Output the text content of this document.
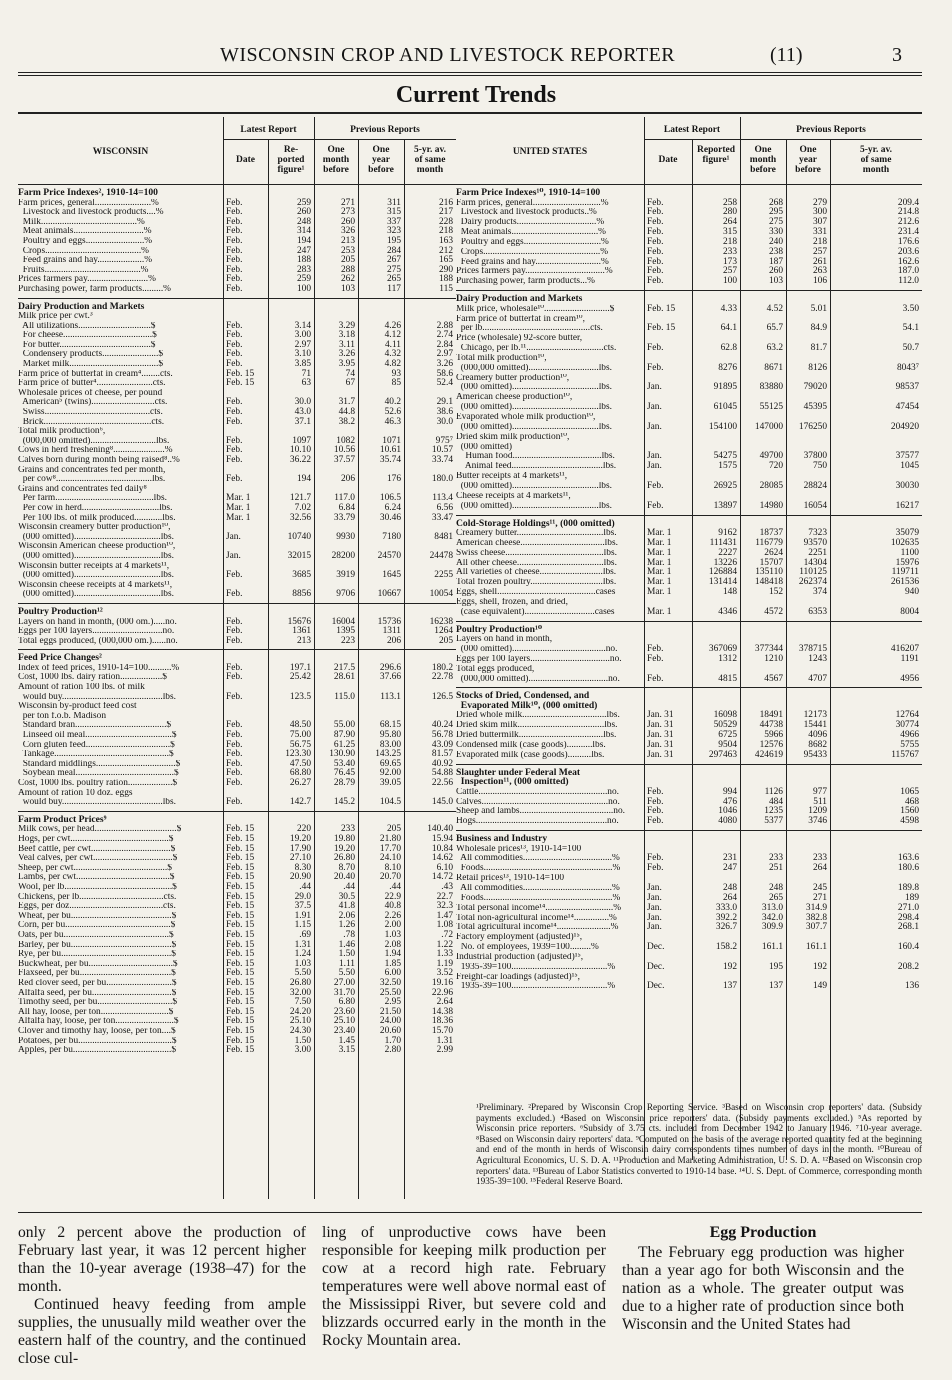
WISCONSIN CROP AND LIVESTOCK REPORTER	(11)	3
Current Trends
WISCONSIN
Latest Report	Previous Reports
Date
Re-
ported
figure¹
One
month
before
One
year
before
5-yr. av.
of same
month
Farm Price Indexes², 1910-14=100
Farm prices, general........................%	Feb.	259	271	311	216
Livestock and livestock products....%	Feb.	260	273	315	217
Milk.........................................%	Feb.	248	260	337	228
Meat animals..............................%	Feb.	314	326	323	218
Poultry and eggs.........................%	Feb.	194	213	195	163
Crops.........................................%	Feb.	247	253	284	212
Feed grains and hay....................%	Feb.	188	205	267	165
Fruits.........................................%	Feb.	283	288	275	290
Prices farmers pay..........................%	Feb.	259	262	265	188
Purchasing power, farm products.........%	Feb.	100	103	117	115
Dairy Production and Markets
Milk price per cwt.³
All utilizations...............................$	Feb.	3.14	3.29	4.26	2.88
For cheese......................................$	Feb.	3.00	3.18	4.12	2.74
For butter.......................................$	Feb.	2.97	3.11	4.11	2.84
Condensery products........................$	Feb.	3.10	3.26	4.32	2.97
Market milk......................................$	Feb.	3.85	3.95	4.82	3.26
Farm price of butterfat in cream⁴........cts.	Feb. 15	71	74	93	58.6
Farm price of butter⁴........................cts.	Feb. 15	63	67	85	52.4
Wholesale prices of cheese, per pound
American⁵ (twins)...........................cts.	Feb.	30.0	31.7	40.2	29.1
Swiss.............................................cts.	Feb.	43.0	44.8	52.6	38.6
Brick..............................................cts.	Feb.	37.1	38.2	46.3	30.0
Total milk production⁶,
(000,000 omitted)............................lbs.	Feb.	1097	1082	1071	975⁷
Cows in herd freshening⁸......................%	Feb.	10.10	10.56	10.61	10.57
Calves born during month being raised⁸..%	Feb.	36.22	37.57	35.74	33.74
Grains and concentrates fed per month,
per cow⁸.........................................lbs.	Feb.	194	206	176	180.0
Grains and concentrates fed daily⁸
Per farm..........................................lbs.	Mar. 1	121.7	117.0	106.5	113.4
Per cow in herd.................................lbs.	Mar. 1	7.02	6.84	6.24	6.56
Per 100 lbs. of milk produced............lbs.	Mar. 1	32.56	33.79	30.46	33.47
Wisconsin creamery butter production¹⁰,
(000 omitted).....................................lbs.	Jan.	10740	9930	7180	8481
Wisconsin American cheese production¹⁰,
(000 omitted).....................................lbs.	Jan.	32015	28200	24570	24478
Wisconsin butter receipts at 4 markets¹¹,
(000 omitted).....................................lbs.	Feb.	3685	3919	1645	2255
Wisconsin cheese receipts at 4 markets¹¹,
(000 omitted).....................................lbs.	Feb.	8856	9706	10667	10054
Poultry Production¹²
Layers on hand in month, (000 om.).....no.	Feb.	15676	16004	15736	16238
Eggs per 100 layers..............................no.	Feb.	1361	1395	1311	1264
Total eggs produced, (000,000 om.)......no.	Feb.	213	223	206	205
Feed Price Changes²
Index of feed prices, 1910-14=100..........%	Feb.	197.1	217.5	296.6	180.2
Cost, 1000 lbs. dairy ration..................$	Feb.	25.42	28.61	37.66	22.78
Amount of ration 100 lbs. of milk
would buy...........................................lbs.	Feb.	123.5	115.0	113.1	126.5
Wisconsin by-product feed cost
per ton f.o.b. Madison
Standard bran.......................................$	Feb.	48.50	55.00	68.15	40.24
Linseed oil meal.....................................$	Feb.	75.00	87.90	95.80	56.78
Corn gluten feed....................................$	Feb.	56.75	61.25	83.00	43.09
Tankage.................................................$	Feb.	123.30	130.90	143.25	81.57
Standard middlings..................................$	Feb.	47.50	53.40	69.65	40.92
Soybean meal..........................................$	Feb.	68.80	76.45	92.00	54.88
Cost, 1000 lbs. poultry ration...................$	Feb.	26.27	28.79	39.05	22.56
Amount of ration 10 doz. eggs
would buy...........................................lbs.	Feb.	142.7	145.2	104.5	145.0
Farm Product Prices⁹
Milk cows, per head...................................$	Feb. 15	220	233	205	140.40
Hogs, per cwt..........................................$	Feb. 15	19.20	19.80	21.80	15.94
Beef cattle, per cwt..................................$	Feb. 15	17.90	19.20	17.70	10.84
Veal calves, per cwt..................................$	Feb. 15	27.10	26.80	24.10	14.62
Sheep, per cwt........................................$	Feb. 15	8.30	8.70	8.10	6.10
Lambs, per cwt........................................$	Feb. 15	20.90	20.40	20.70	14.72
Wool, per lb..............................................$	Feb. 15	.44	.44	.44	.43
Chickens, per lb....................................cts.	Feb. 15	29.0	30.5	22.9	22.7
Eggs, per doz........................................cts.	Feb. 15	37.5	41.8	40.8	32.3
Wheat, per bu...........................................$	Feb. 15	1.91	2.06	2.26	1.47
Corn, per bu.............................................$	Feb. 15	1.15	1.26	2.00	1.08
Oats, per bu.............................................$	Feb. 15	.69	.78	1.03	.72
Barley, per bu...........................................$	Feb. 15	1.31	1.46	2.08	1.22
Rye, per bu...............................................$	Feb. 15	1.24	1.50	1.94	1.33
Buckwheat, per bu....................................$	Feb. 15	1.03	1.11	1.85	1.19
Flaxseed, per bu.......................................$	Feb. 15	5.50	5.50	6.00	3.52
Red clover seed, per bu............................$	Feb. 15	26.80	27.00	32.50	19.16
Alfalfa seed, per bu..................................$	Feb. 15	32.00	31.70	25.50	22.96
Timothy seed, per bu................................$	Feb. 15	7.50	6.80	2.95	2.64
All hay, loose, per ton.............................$	Feb. 15	24.20	23.60	21.50	14.38
Alfalfa hay, loose, per ton.........................$	Feb. 15	25.10	25.10	24.00	18.36
Clover and timothy hay, loose, per ton....$	Feb. 15	24.30	23.40	20.60	15.70
Potatoes, per bu........................................$	Feb. 15	1.50	1.45	1.70	1.31
Apples, per bu..........................................$	Feb. 15	3.00	3.15	2.80	2.99
UNITED STATES
Latest Report	Previous Reports
Date
Reported
figure¹
One
month
before
One
year
before
5-yr. av.
of same
month
Farm Price Indexes¹⁰, 1910-14=100
Farm prices, general.............................%	Feb.	258	268	279	209.4
Livestock and livestock products..%	Feb.	280	295	300	214.8
Dairy products..................................%	Feb.	264	275	307	212.6
Meat animals.....................................%	Feb.	315	330	331	231.4
Poultry and eggs.................................%	Feb.	218	240	218	176.6
Crops..................................................%	Feb.	233	238	257	203.6
Feed grains and hay............................%	Feb.	173	187	261	162.6
Prices farmers pay..................................%	Feb.	257	260	263	187.0
Purchasing power, farm products...%	Feb.	100	103	106	112.0
Dairy Production and Markets
Milk price, wholesale¹⁰............................$	Feb. 15	4.33	4.52	5.01	3.50
Farm price of butterfat in cream¹⁰,
per lb..............................................cts.	Feb. 15	64.1	65.7	84.9	54.1
Price (wholesale) 92-score butter,
Chicago, per lb.¹¹.................................cts.	Feb.	62.8	63.2	81.7	50.7
Total milk production¹⁰,
(000,000 omitted)..............................lbs.	Feb.	8276	8671	8126	8043⁷
Creamery butter production¹⁰,
(000 omitted).....................................lbs.	Jan.	91895	83880	79020	98537
American cheese production¹⁰,
(000 omitted).....................................lbs.	Jan.	61045	55125	45395	47454
Evaporated whole milk production¹⁰,
(000 omitted).....................................lbs.	Jan.	154100	147000	176250	204920
Dried skim milk production¹⁰,
(000 omitted)
Human food......................................lbs.	Jan.	54275	49700	37800	37577
Animal feed.......................................lbs.	Jan.	1575	720	750	1045
Butter receipts at 4 markets¹¹,
(000 omitted).....................................lbs.	Feb.	26925	28085	28824	30030
Cheese receipts at 4 markets¹¹,
(000 omitted).....................................lbs.	Feb.	13897	14980	16054	16217
Cold-Storage Holdings¹¹, (000 omitted)
Creamery butter.....................................lbs.	Mar. 1	9162	18737	7323	35079
American cheese....................................lbs.	Mar. 1	111431	116779	93570	102635
Swiss cheese..........................................lbs.	Mar. 1	2227	2624	2251	1100
All other cheese.....................................lbs.	Mar. 1	13226	15707	14304	15976
All varieties of cheese...........................lbs.	Mar. 1	126884	135110	110125	119711
Total frozen poultry...............................lbs.	Mar. 1	131414	148418	262374	261536
Eggs, shell..........................................cases	Mar. 1	148	152	374	940
Eggs, shell, frozen, and dried,
(case equivalent)..............................cases	Mar. 1	4346	4572	6353	8004
Poultry Production¹⁰
Layers on hand in month,
(000 omitted)........................................no.	Feb.	367069	377344	378715	416207
Eggs per 100 layers..................................no.	Feb.	1312	1210	1243	1191
Total eggs produced,
(000,000 omitted)..................................no.	Feb.	4815	4567	4707	4956
Stocks of Dried, Condensed, and
Evaporated Milk¹⁰, (000 omitted)
Dried whole milk....................................lbs.	Jan. 31	16098	18491	12173	12764
Dried skim milk.....................................lbs.	Jan. 31	50529	44738	15441	30774
Dried buttermilk....................................lbs.	Jan. 31	6725	5966	4096	4966
Condensed milk (case goods)...........lbs.	Jan. 31	9504	12576	8682	5755
Evaporated milk (case goods)..........lbs.	Jan. 31	297463	424619	95433	115767
Slaughter under Federal Meat
Inspection¹¹, (000 omitted)
Cattle.......................................................no.	Feb.	994	1126	977	1065
Calves......................................................no.	Feb.	476	484	511	468
Sheep and lambs........................................no.	Feb.	1046	1235	1209	1560
Hogs........................................................no.	Feb.	4080	5377	3746	4598
Business and Industry
Wholesale prices¹³, 1910-14=100
All commodities......................................%	Feb.	231	233	233	163.6
Foods.......................................................%	Feb.	247	251	264	180.6
Retail prices¹³, 1910-14=100
All commodities......................................%	Jan.	248	248	245	189.8
Foods.......................................................%	Jan.	264	265	271	189
Total personal income¹⁴.............................%	Jan.	333.0	313.0	314.9	271.0
Total non-agricultural income¹⁴...............%	Jan.	392.2	342.0	382.8	298.4
Total agricultural income¹⁴.......................%	Jan.	326.7	309.9	307.7	268.1
Factory employment (adjusted)¹⁵,
No. of employees, 1939=100.........%	Dec.	158.2	161.1	161.1	160.4
Industrial production (adjusted)¹⁵,
1935-39=100.........................................%	Dec.	192	195	192	208.2
Freight-car loadings (adjusted)¹⁵,
1935-39=100.........................................%	Dec.	137	137	149	136
¹Preliminary. ²Prepared by Wisconsin Crop Reporting Service. ³Based on Wisconsin crop reporters' data. (Subsidy payments excluded.) ⁴Based on Wisconsin price reporters' data. (Subsidy payments excluded.) ⁵As reported by Wisconsin price reporters. ⁶Subsidy of 3.75 cts. included from December 1942 to January 1946. ⁷10-year average. ⁸Based on Wisconsin dairy reporters' data. ⁹Computed on the basis of the average reported quantity fed at the beginning and end of the month in herds of Wisconsin dairy correspondents times number of days in the month. ¹⁰Bureau of Agricultural Economics, U. S. D. A. ¹¹Production and Marketing Administration, U. S. D. A. ¹²Based on Wisconsin crop reporters' data. ¹³Bureau of Labor Statistics converted to 1910-14 base. ¹⁴U. S. Dept. of Commerce, corresponding month 1935-39=100. ¹⁵Federal Reserve Board.

only 2 percent above the production of February last year, it was 12 percent higher than the 10-year average (1938–47) for the month.

Continued heavy feeding from ample supplies, the unusually mild weather over the eastern half of the country, and the continued close cul-

ling of unproductive cows have been responsible for keeping milk production per cow at a record high rate. February temperatures were well above normal east of the Mississippi River, but severe cold and blizzards occurred early in the month in the Rocky Mountain area.

Egg Production

The February egg production was higher than a year ago for both Wisconsin and the nation as a whole. The greater output was due to a higher rate of production since both Wisconsin and the United States had
